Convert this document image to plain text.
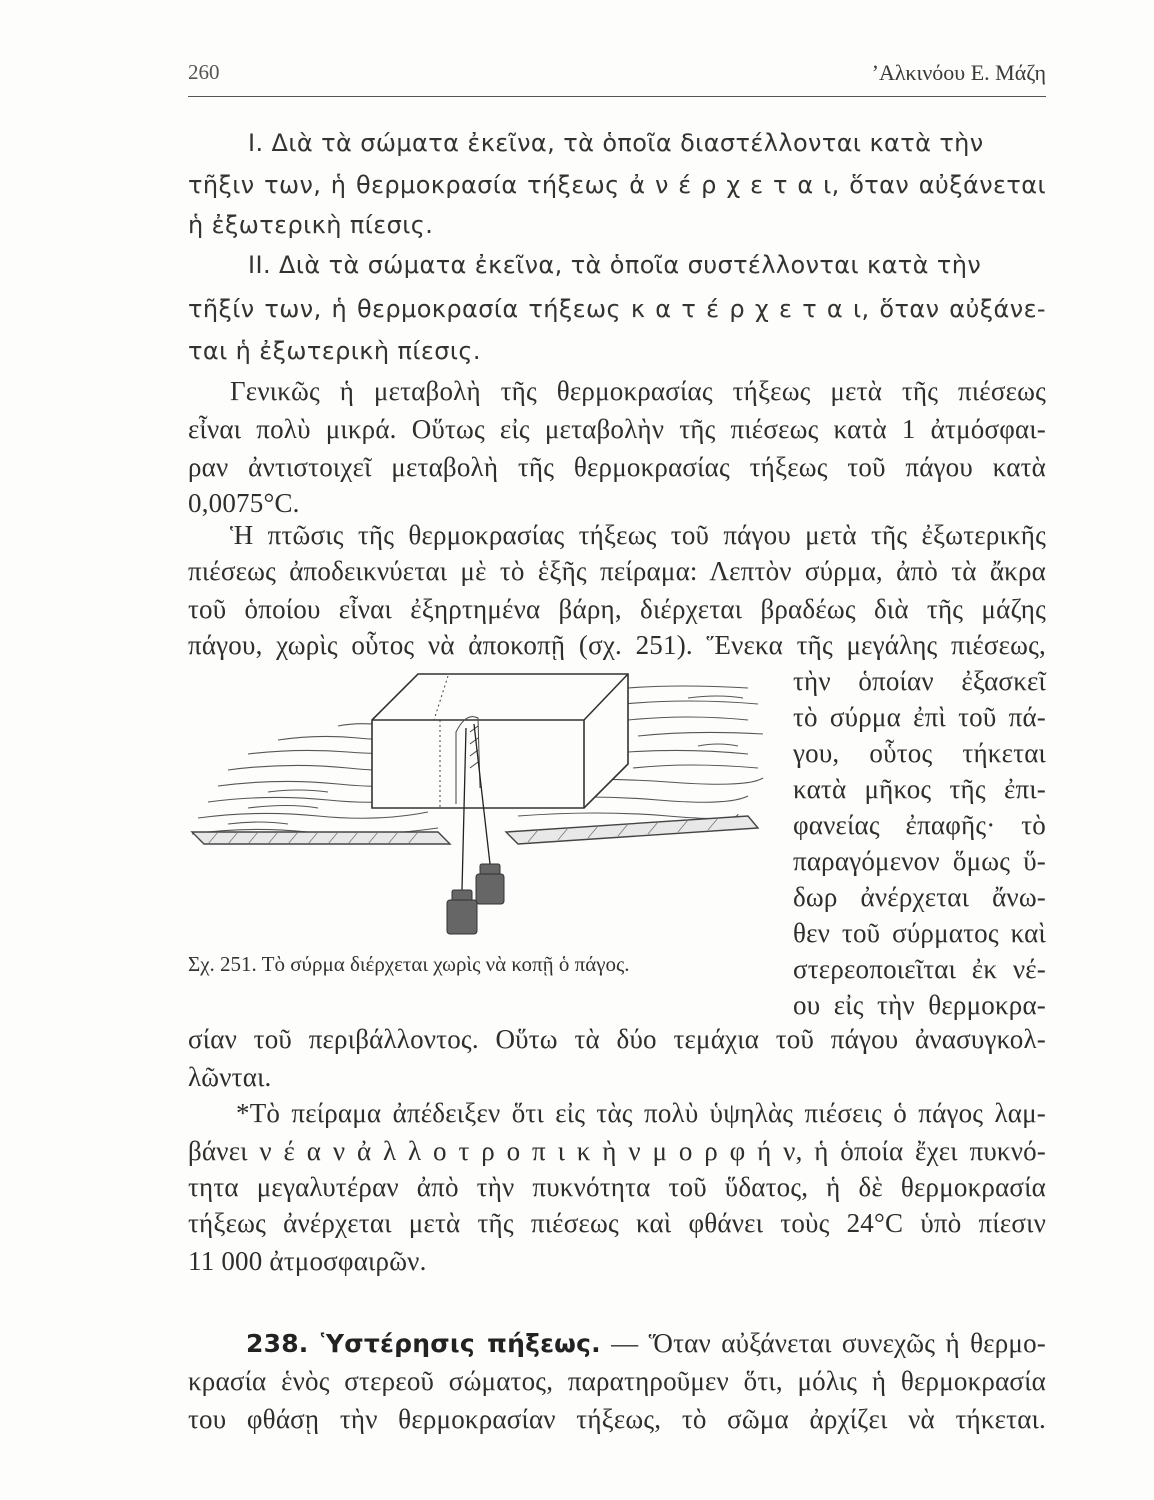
260	’Αλκινόου Ε. Μάζη
I. Διὰ τὰ σώματα ἐκεῖνα, τὰ ὁποῖα διαστέλλονται κατὰ τὴν
τῆξιν των, ἡ θερμοκρασία τήξεως ἀ ν έ ρ χ ε τ α ι, ὅταν αὐξάνεται
ἡ ἐξωτερικὴ πίεσις.
II. Διὰ τὰ σώματα ἐκεῖνα, τὰ ὁποῖα συστέλλονται κατὰ τὴν
τῆξίν των, ἡ θερμοκρασία τήξεως κ α τ έ ρ χ ε τ α ι, ὅταν αὐξάνε-
ται ἡ ἐξωτερικὴ πίεσις.
Γενικῶς ἡ μεταβολὴ τῆς θερμοκρασίας τήξεως μετὰ τῆς πιέσεως
εἶναι πολὺ μικρά. Οὕτως εἰς μεταβολὴν τῆς πιέσεως κατὰ 1 ἀτμόσφαι-
ραν ἀντιστοιχεῖ μεταβολὴ τῆς θερμοκρασίας τήξεως τοῦ πάγου κατὰ
0,0075°C.
Ἡ πτῶσις τῆς θερμοκρασίας τήξεως τοῦ πάγου μετὰ τῆς ἐξωτερικῆς
πιέσεως ἀποδεικνύεται μὲ τὸ ἑξῆς πείραμα: Λεπτὸν σύρμα, ἀπὸ τὰ ἄκρα
τοῦ ὁποίου εἶναι ἐξηρτημένα βάρη, διέρχεται βραδέως διὰ τῆς μάζης
πάγου, χωρὶς οὗτος νὰ ἀποκοπῇ (σχ. 251). Ἕνεκα τῆς μεγάλης πιέσεως,
τὴν ὁποίαν ἐξασκεῖ
τὸ σύρμα ἐπὶ τοῦ πά-
γου, οὗτος τήκεται
κατὰ μῆκος τῆς ἐπι-
φανείας ἐπαφῆς· τὸ
παραγόμενον ὅμως ὕ-
δωρ ἀνέρχεται ἄνω-
θεν τοῦ σύρματος καὶ
στερεοποιεῖται ἐκ νέ-
ου εἰς τὴν θερμοκρα-
Σχ. 251. Τὸ σύρμα διέρχεται χωρὶς νὰ κοπῇ ὁ πάγος.
σίαν τοῦ περιβάλλοντος. Οὕτω τὰ δύο τεμάχια τοῦ πάγου ἀνασυγκολ-
λῶνται.
*Τὸ πείραμα ἀπέδειξεν ὅτι εἰς τὰς πολὺ ὑψηλὰς πιέσεις ὁ πάγος λαμ-
βάνει ν έ α ν ἀ λ λ ο τ ρ ο π ι κ ὴ ν μ ο ρ φ ή ν, ἡ ὁποία ἔχει πυκνό-
τητα μεγαλυτέραν ἀπὸ τὴν πυκνότητα τοῦ ὕδατος, ἡ δὲ θερμοκρασία
τήξεως ἀνέρχεται μετὰ τῆς πιέσεως καὶ φθάνει τοὺς 24°C ὑπὸ πίεσιν
11 000 ἀτμοσφαιρῶν.
238. Ὑστέρησις πήξεως. — Ὅταν αὐξάνεται συνεχῶς ἡ θερμο-
κρασία ἑνὸς στερεοῦ σώματος, παρατηροῦμεν ὅτι, μόλις ἡ θερμοκρασία
του φθάσῃ τὴν θερμοκρασίαν τήξεως, τὸ σῶμα ἀρχίζει νὰ τήκεται.
